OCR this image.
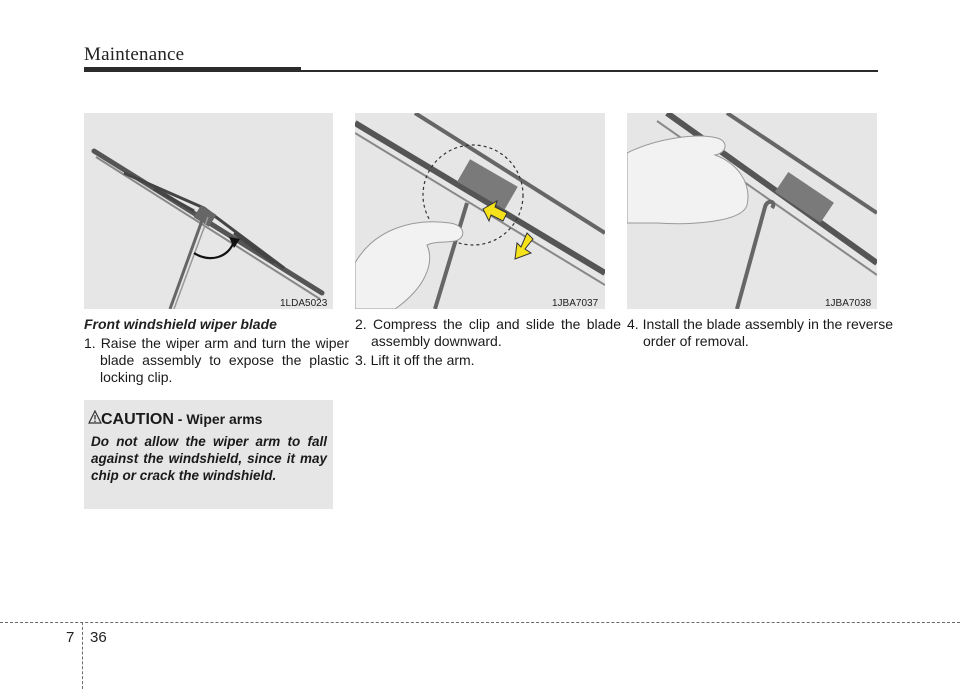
Maintenance
1LDA5023	1JBA7037	1JBA7038
Front windshield wiper blade
1. Raise the wiper arm and turn the wiper blade assembly to expose the plastic locking clip.
CAUTION - Wiper arms
Do not allow the wiper arm to fall against the windshield, since it may chip or crack the windshield.
2. Compress the clip and slide the blade assembly downward.
3. Lift it off the arm.
4. Install the blade assembly in the reverse order of removal.
7 36
